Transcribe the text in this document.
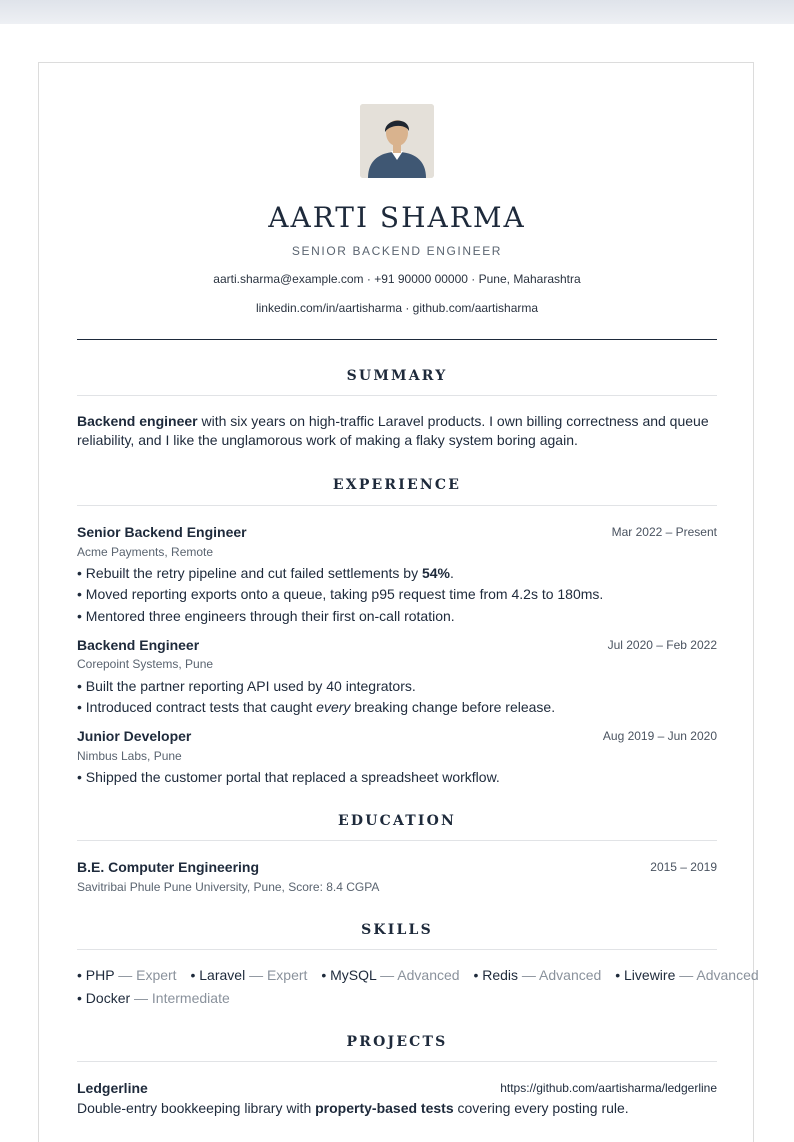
AARTI SHARMA
SENIOR BACKEND ENGINEER
aarti.sharma@example.com · +91 90000 00000 · Pune, Maharashtra
linkedin.com/in/aartisharma · github.com/aartisharma
SUMMARY
Backend engineer with six years on high-traffic Laravel products. I own billing correctness and queue
reliability, and I like the unglamorous work of making a flaky system boring again.
EXPERIENCE
Senior Backend Engineer	Mar 2022 – Present
Acme Payments, Remote
• Rebuilt the retry pipeline and cut failed settlements by 54%.
• Moved reporting exports onto a queue, taking p95 request time from 4.2s to 180ms.
• Mentored three engineers through their first on-call rotation.
Backend Engineer	Jul 2020 – Feb 2022
Corepoint Systems, Pune
• Built the partner reporting API used by 40 integrators.
• Introduced contract tests that caught every breaking change before release.
Junior Developer	Aug 2019 – Jun 2020
Nimbus Labs, Pune
• Shipped the customer portal that replaced a spreadsheet workflow.
EDUCATION
B.E. Computer Engineering	2015 – 2019
Savitribai Phule Pune University, Pune, Score: 8.4 CGPA
SKILLS
• PHP — Expert • Laravel — Expert • MySQL — Advanced • Redis — Advanced • Livewire — Advanced
• Docker — Intermediate
PROJECTS
Ledgerline	https://github.com/aartisharma/ledgerline
Double-entry bookkeeping library with property-based tests covering every posting rule.
